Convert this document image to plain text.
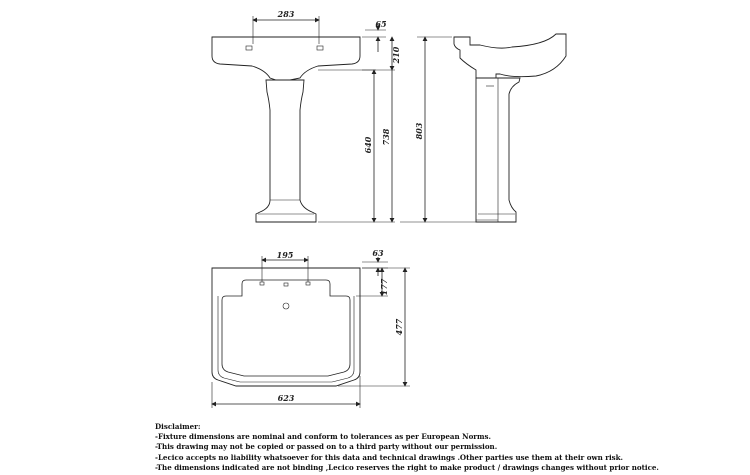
283
65
210
640 738	803
195	63
177
477
623
Disclaimer:
-Fixture dimensions are nominal and conform to tolerances as per European Norms.
-This drawing may not be copied or passed on to a third party without our permission.
-Lecico accepts no liability whatsoever for this data and technical drawings .Other parties use them at their own risk.
-The dimensions indicated are not binding ,Lecico reserves the right to make product / drawings changes without prior notice.
